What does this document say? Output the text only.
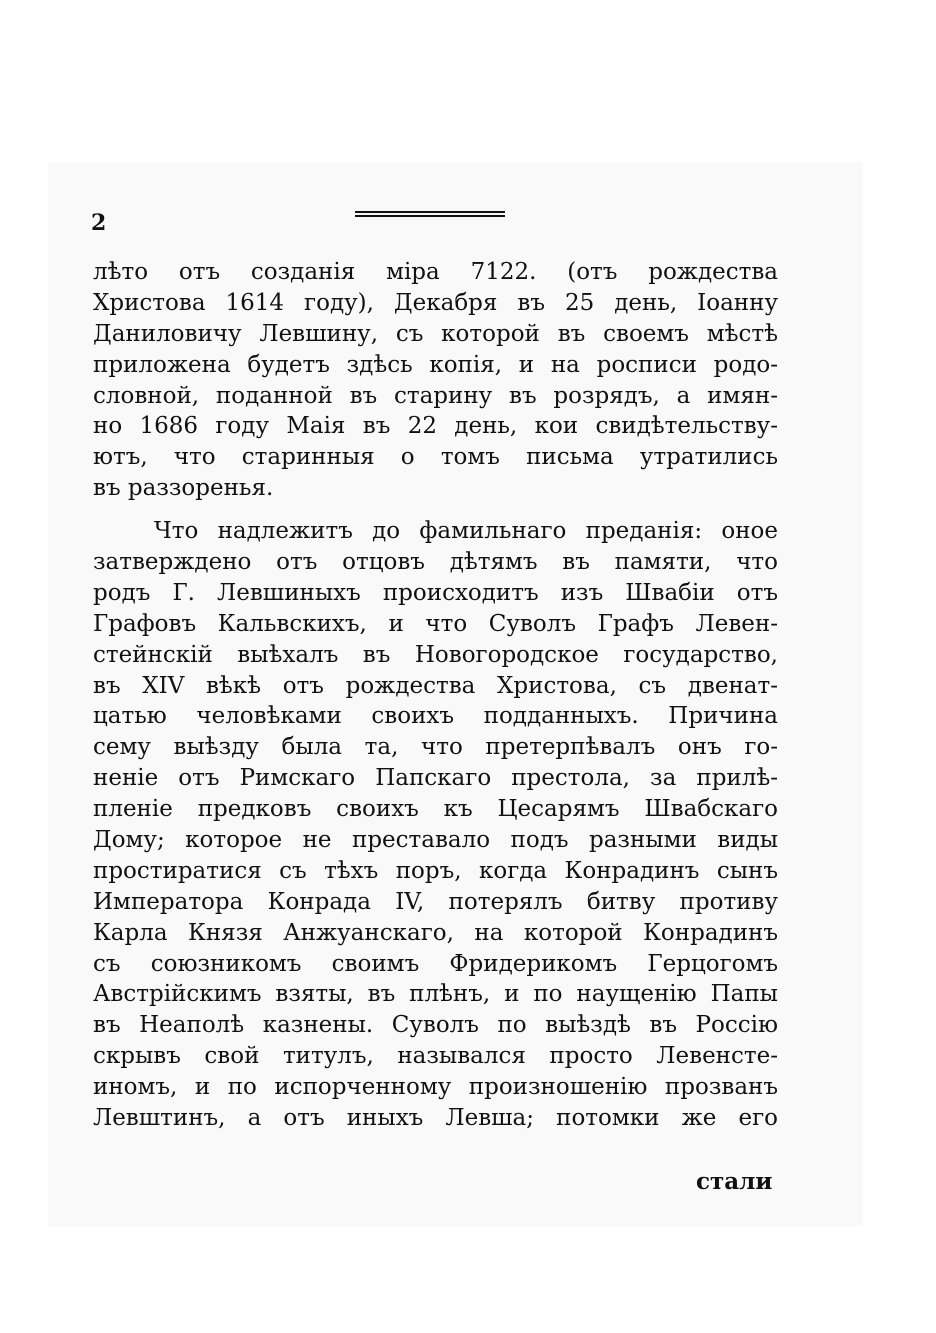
2
лѣто отъ созданія міра 7122. (отъ рождества
Христова 1614 году), Декабря въ 25 день, Іоанну
Даниловичу Левшину, съ которой въ своемъ мѣстѣ
приложена будетъ здѣсь копія, и на росписи родо-
словной, поданной въ старину въ розрядъ, а имян-
но 1686 году Маія въ 22 день, кои свидѣтельству-
ютъ, что старинныя о томъ письма утратились
въ раззоренья.
Что надлежитъ до фамильнаго преданія: оное
затверждено отъ отцовъ дѣтямъ въ памяти, что
родъ Г. Левшиныхъ происходитъ изъ Швабіи отъ
Графовъ Кальвскихъ, и что Суволъ Графъ Левен-
стейнскій выѣхалъ въ Новогородское государство,
въ XIV вѣкѣ отъ рождества Христова, съ двенат-
цатью человѣками своихъ подданныхъ. Причина
сему выѣзду была та, что претерпѣвалъ онъ го-
неніе отъ Римскаго Папскаго престола, за прилѣ-
пленіе предковъ своихъ къ Цесарямъ Швабскаго
Дому; которое не преставало подъ разными виды
простиратися съ тѣхъ поръ, когда Конрадинъ сынъ
Императора Конрада IV, потерялъ битву противу
Карла Князя Анжуанскаго, на которой Конрадинъ
съ союзникомъ своимъ Фридерикомъ Герцогомъ
Австрійскимъ взяты, въ плѣнъ, и по наущенію Папы
въ Неаполѣ казнены. Суволъ по выѣздѣ въ Россію
скрывъ свой титулъ, назывался просто Левенсте-
иномъ, и по испорченному произношенію прозванъ
Левштинъ, а отъ иныхъ Левша; потомки же его
стали
